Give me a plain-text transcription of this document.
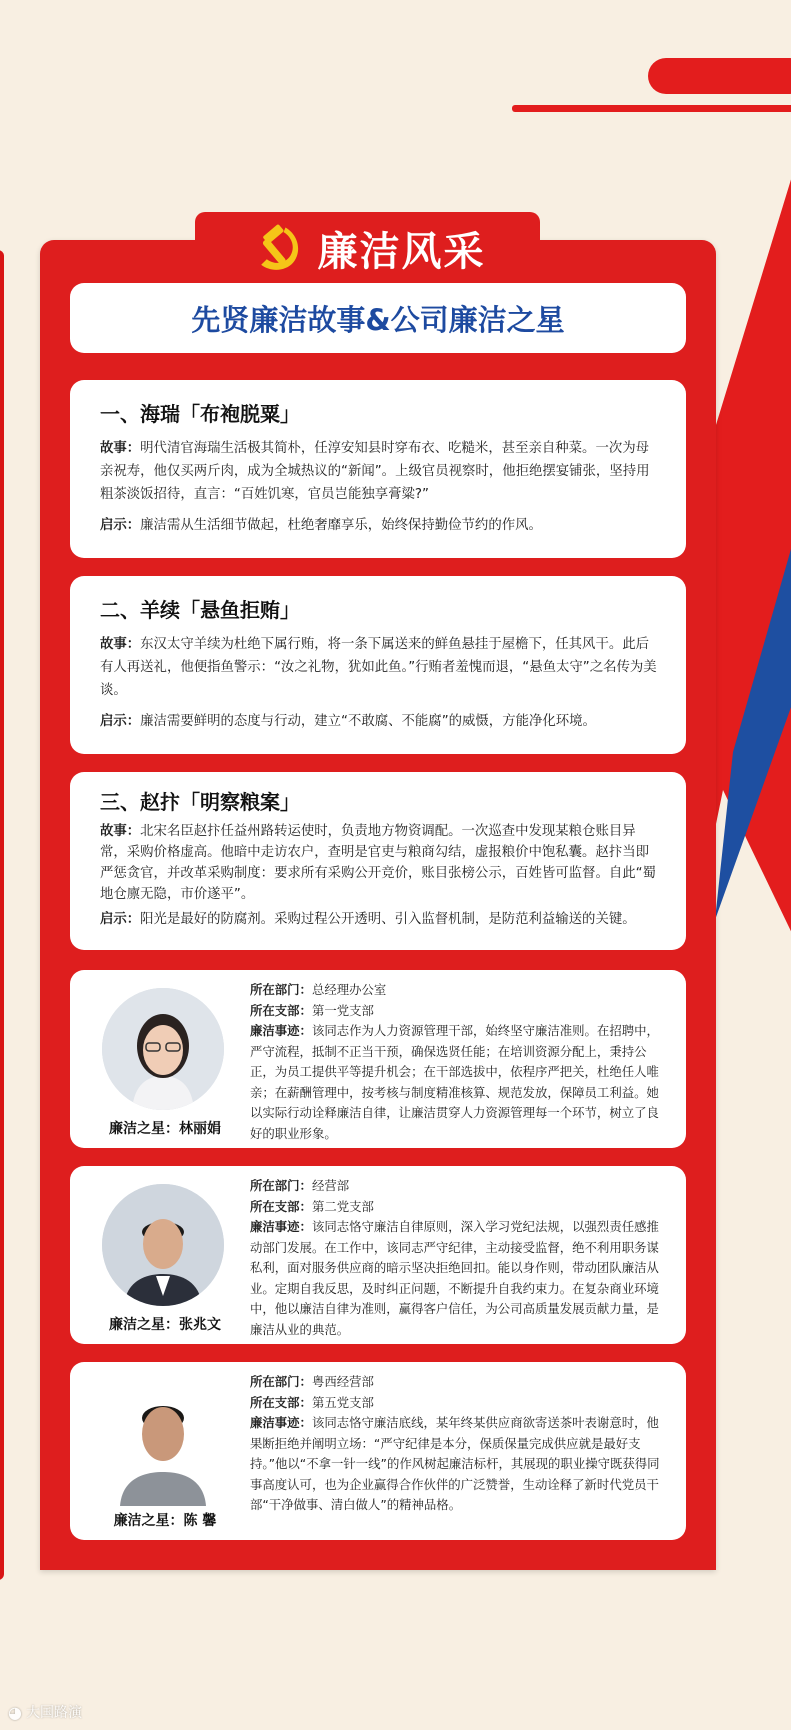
廉洁风采
先贤廉洁故事&公司廉洁之星
一、海瑞「布袍脱粟」

故事：明代清官海瑞生活极其简朴，任淳安知县时穿布衣、吃糙米，甚至亲自种菜。一次为母亲祝寿，他仅买两斤肉，成为全城热议的“新闻”。上级官员视察时，他拒绝摆宴铺张，坚持用粗茶淡饭招待，直言：“百姓饥寒，官员岂能独享膏粱?”

启示：廉洁需从生活细节做起，杜绝奢靡享乐，始终保持勤俭节约的作风。

二、羊续「悬鱼拒贿」

故事：东汉太守羊续为杜绝下属行贿，将一条下属送来的鲜鱼悬挂于屋檐下，任其风干。此后有人再送礼，他便指鱼警示：“汝之礼物，犹如此鱼。”行贿者羞愧而退，“悬鱼太守”之名传为美谈。

启示：廉洁需要鲜明的态度与行动，建立“不敢腐、不能腐”的威慑，方能净化环境。

三、赵抃「明察粮案」

故事：北宋名臣赵抃任益州路转运使时，负责地方物资调配。一次巡查中发现某粮仓账目异常，采购价格虚高。他暗中走访农户，查明是官吏与粮商勾结，虚报粮价中饱私囊。赵抃当即严惩贪官，并改革采购制度：要求所有采购公开竞价，账目张榜公示，百姓皆可监督。自此“蜀地仓廪无隐，市价遂平”。

启示：阳光是最好的防腐剂。采购过程公开透明、引入监督机制，是防范利益输送的关键。

廉洁之星：林丽娟

所在部门：总经理办公室

所在支部：第一党支部

廉洁事迹：该同志作为人力资源管理干部，始终坚守廉洁准则。在招聘中，严守流程，抵制不正当干预，确保选贤任能；在培训资源分配上，秉持公正，为员工提供平等提升机会；在干部选拔中，依程序严把关，杜绝任人唯亲；在薪酬管理中，按考核与制度精准核算、规范发放，保障员工利益。她以实际行动诠释廉洁自律，让廉洁贯穿人力资源管理每一个环节，树立了良好的职业形象。

廉洁之星：张兆文

所在部门：经营部

所在支部：第二党支部

廉洁事迹：该同志恪守廉洁自律原则，深入学习党纪法规，以强烈责任感推动部门发展。在工作中，该同志严守纪律，主动接受监督，绝不利用职务谋私利，面对服务供应商的暗示坚决拒绝回扣。能以身作则，带动团队廉洁从业。定期自我反思，及时纠正问题，不断提升自我约束力。在复杂商业环境中，他以廉洁自律为准则，赢得客户信任，为公司高质量发展贡献力量，是廉洁从业的典范。

廉洁之星：陈 馨

所在部门：粤西经营部

所在支部：第五党支部

廉洁事迹：该同志恪守廉洁底线，某年终某供应商欲寄送茶叶表谢意时，他果断拒绝并阐明立场：“严守纪律是本分，保质保量完成供应就是最好支持。”他以“不拿一针一线”的作风树起廉洁标杆，其展现的职业操守既获得同事高度认可，也为企业赢得合作伙伴的广泛赞誉，生动诠释了新时代党员干部“干净做事、清白做人”的精神品格。

◕ 大国路演
